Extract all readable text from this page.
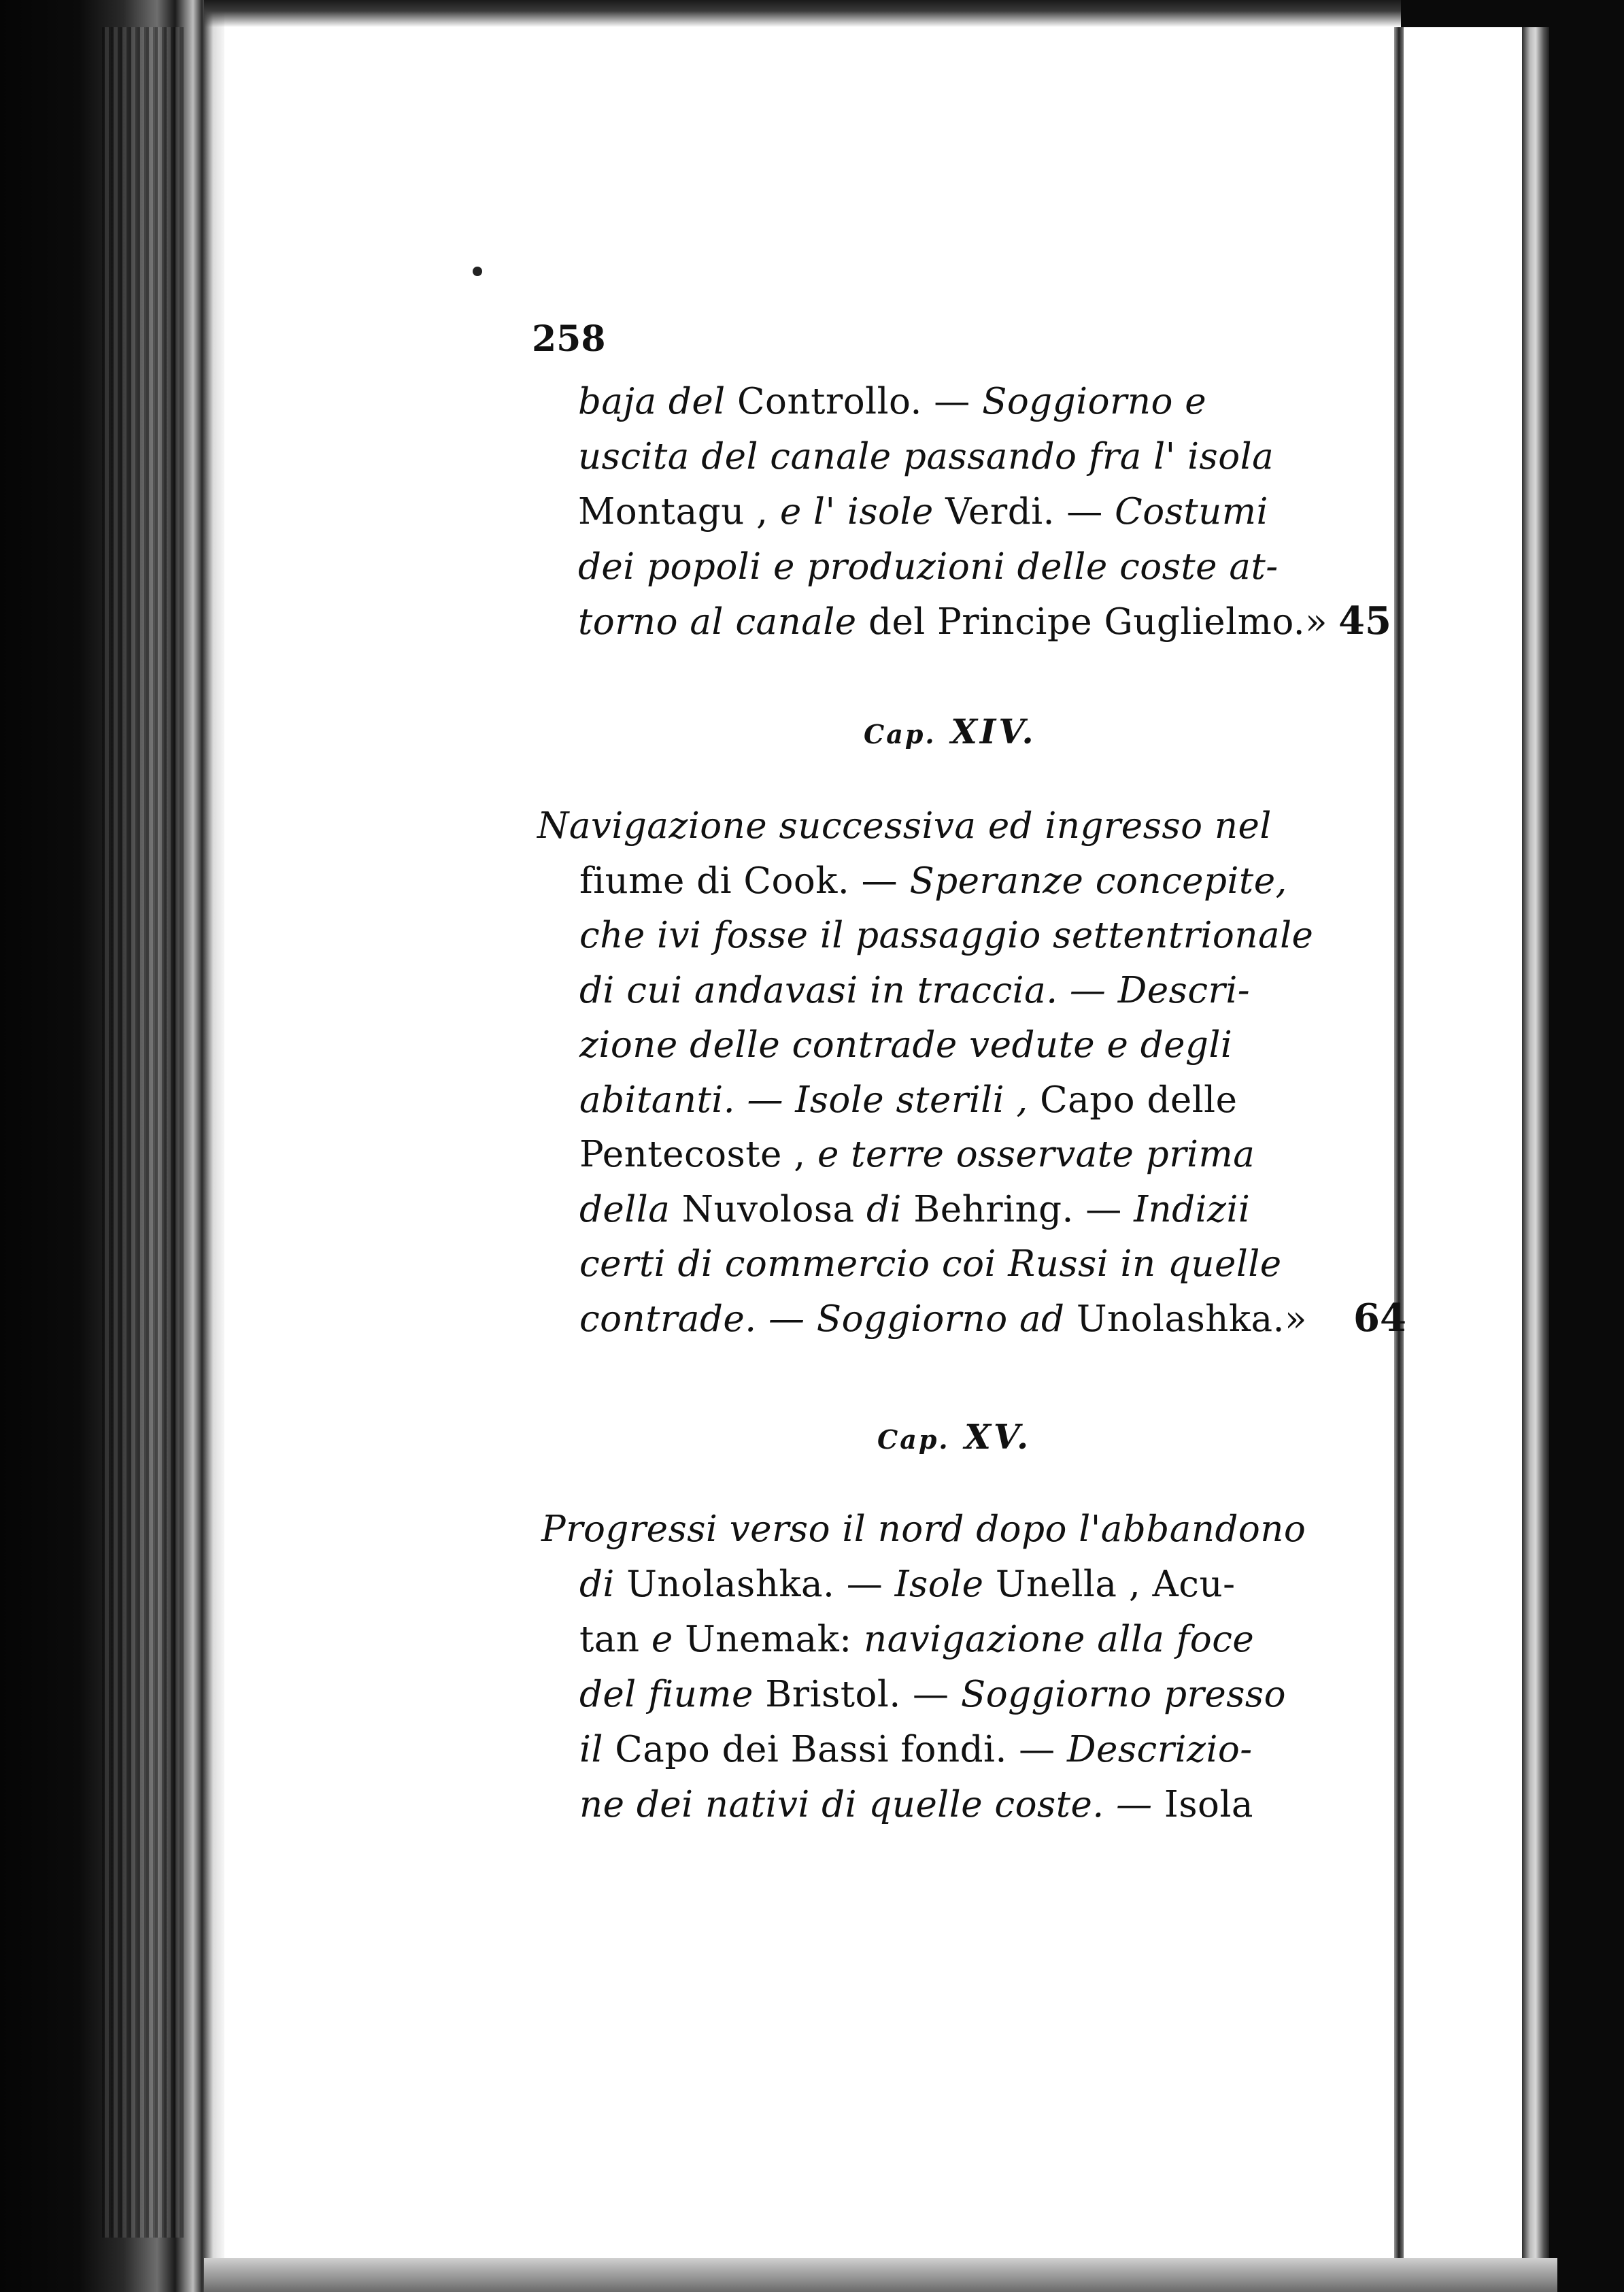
258
baja del Controllo. — Soggiorno e
uscita del canale passando fra l' isola
Montagu , e l' isole Verdi. — Costumi
dei popoli e produzioni delle coste at-
torno al canale del Principe Guglielmo.» 45
Cap. XIV.
Navigazione successiva ed ingresso nel
fiume di Cook. — Speranze concepite,
che ivi fosse il passaggio settentrionale
di cui andavasi in traccia. — Descri-
zione delle contrade vedute e degli
abitanti. — Isole sterili , Capo delle
Pentecoste , e terre osservate prima
della Nuvolosa di Behring. — Indizii
certi di commercio coi Russi in quelle
contrade. — Soggiorno ad Unolashka.» 64
Cap. XV.
Progressi verso il nord dopo l'abbandono
di Unolashka. — Isole Unella , Acu-
tan e Unemak: navigazione alla foce
del fiume Bristol. — Soggiorno presso
il Capo dei Bassi fondi. — Descrizio-
ne dei nativi di quelle coste. — Isola
